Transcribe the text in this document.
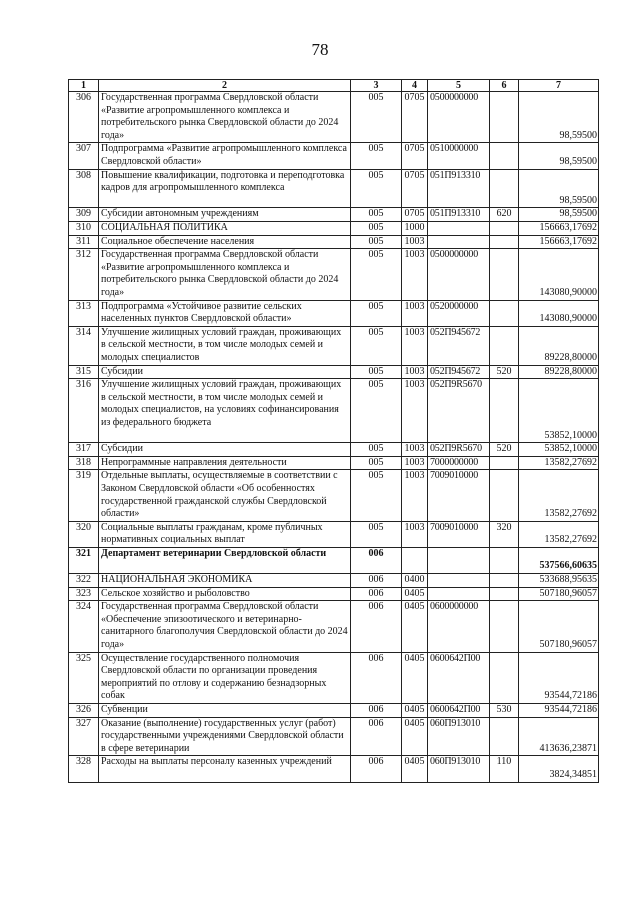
78
1	2	3	4	5	6	7
306	Государственная программа Свердловской области «Развитие агропромышленного комплекса и потребительского рынка Свердловской области до 2024 года»	005	0705	0500000000		98,59500
307	Подпрограмма «Развитие агропромышленного комплекса Свердловской области»	005	0705	0510000000		98,59500
308	Повышение квалификации, подготовка и переподготовка кадров для агропромышленного комплекса	005	0705	051П913310		98,59500
309	Субсидии автономным учреждениям	005	0705	051П913310	620	98,59500
310	СОЦИАЛЬНАЯ ПОЛИТИКА	005	1000			156663,17692
311	Социальное обеспечение населения	005	1003			156663,17692
312	Государственная программа Свердловской области «Развитие агропромышленного комплекса и потребительского рынка Свердловской области до 2024 года»	005	1003	0500000000		143080,90000
313	Подпрограмма «Устойчивое развитие сельских населенных пунктов Свердловской области»	005	1003	0520000000		143080,90000
314	Улучшение жилищных условий граждан, проживающих в сельской местности, в том числе молодых семей и молодых специалистов	005	1003	052П945672		89228,80000
315	Субсидии	005	1003	052П945672	520	89228,80000
316	Улучшение жилищных условий граждан, проживающих в сельской местности, в том числе молодых семей и молодых специалистов, на условиях софинансирования из федерального бюджета	005	1003	052П9R5670		53852,10000
317	Субсидии	005	1003	052П9R5670	520	53852,10000
318	Непрограммные направления деятельности	005	1003	7000000000		13582,27692
319	Отдельные выплаты, осуществляемые в соответствии с Законом Свердловской области «Об особенностях государственной гражданской службы Свердловской области»	005	1003	7009010000		13582,27692
320	Социальные выплаты гражданам, кроме публичных нормативных социальных выплат	005	1003	7009010000	320	13582,27692
321	Департамент ветеринарии Свердловской области	006				537566,60635
322	НАЦИОНАЛЬНАЯ ЭКОНОМИКА	006	0400			533688,95635
323	Сельское хозяйство и рыболовство	006	0405			507180,96057
324	Государственная программа Свердловской области «Обеспечение эпизоотического и ветеринарно-санитарного благополучия Свердловской области до 2024 года»	006	0405	0600000000		507180,96057
325	Осуществление государственного полномочия Свердловской области по организации проведения мероприятий по отлову и содержанию безнадзорных собак	006	0405	0600642П00		93544,72186
326	Субвенции	006	0405	0600642П00	530	93544,72186
327	Оказание (выполнение) государственных услуг (работ) государственными учреждениями Свердловской области в сфере ветеринарии	006	0405	060П913010		413636,23871
328	Расходы на выплаты персоналу казенных учреждений	006	0405	060П913010	110	3824,34851
